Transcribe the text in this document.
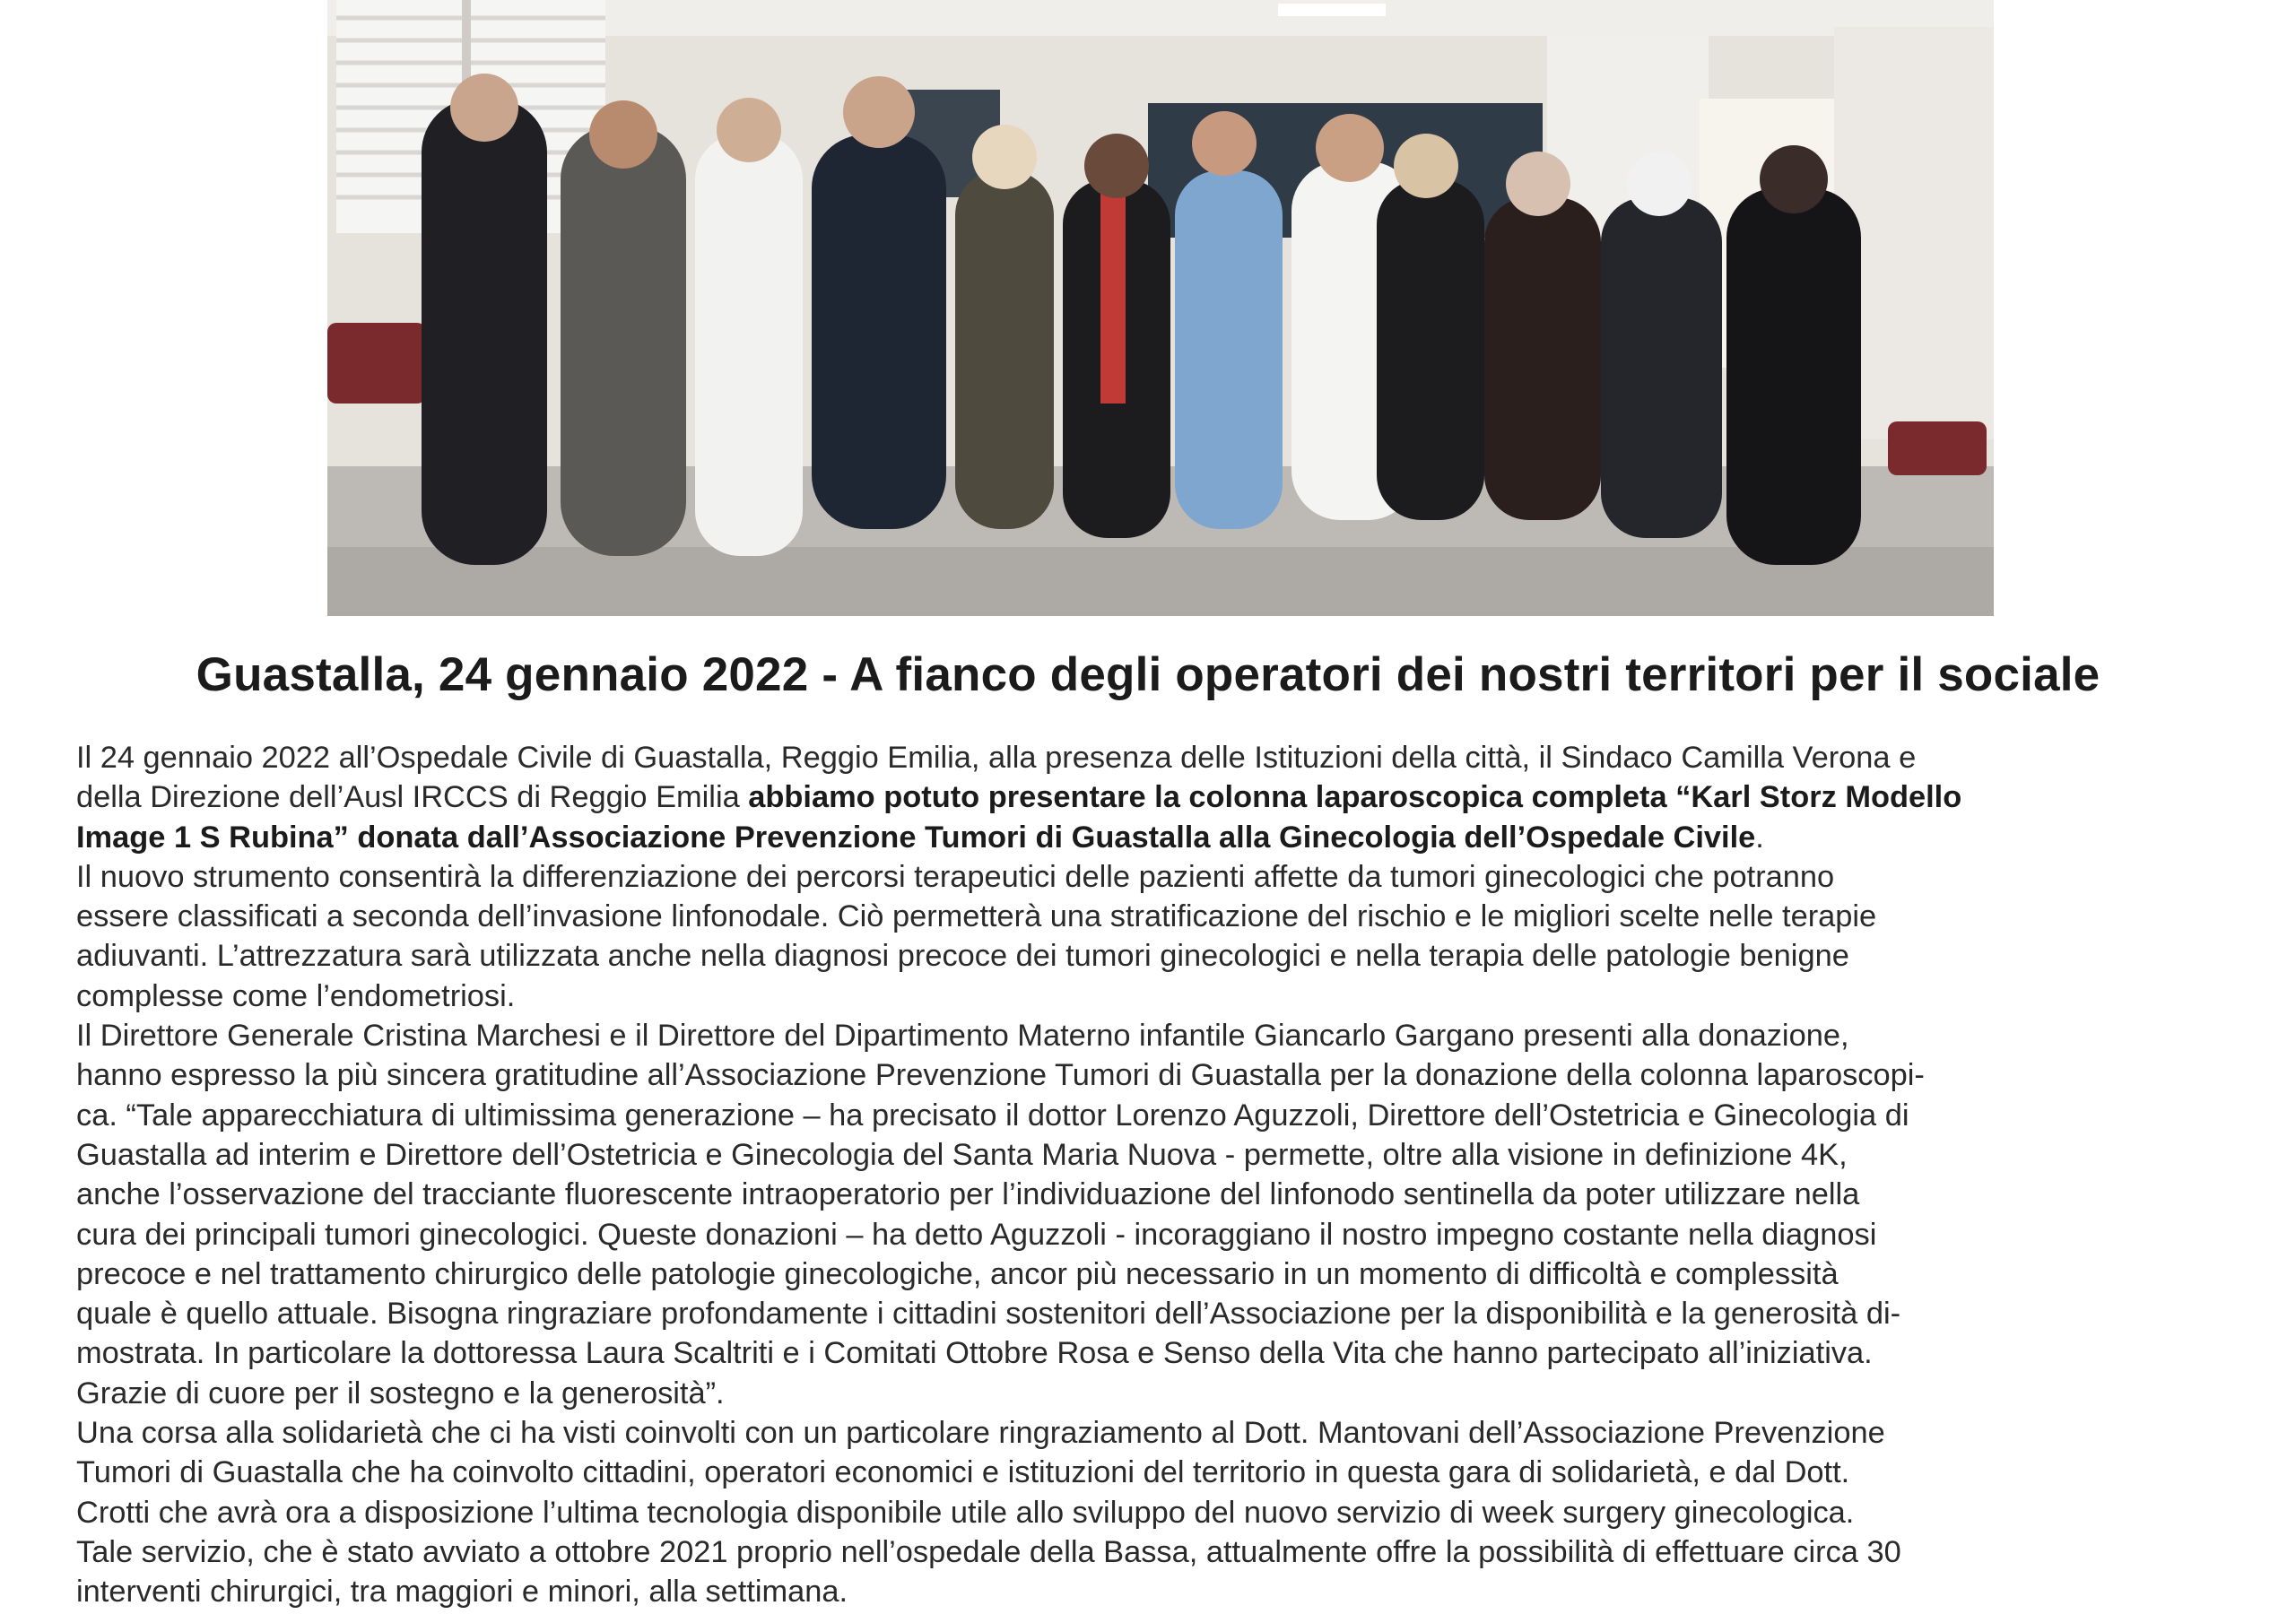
Guastalla, 24 gennaio 2022 - A fianco degli operatori dei nostri territori per il sociale

Il 24 gennaio 2022 all’Ospedale Civile di Guastalla, Reggio Emilia, alla presenza delle Istituzioni della città, il Sindaco Camilla Verona e
della Direzione dell’Ausl IRCCS di Reggio Emilia abbiamo potuto presentare la colonna laparoscopica completa “Karl Storz Modello
Image 1 S Rubina” donata dall’Associazione Prevenzione Tumori di Guastalla alla Ginecologia dell’Ospedale Civile.

Il nuovo strumento consentirà la differenziazione dei percorsi terapeutici delle pazienti affette da tumori ginecologici che potranno
essere classificati a seconda dell’invasione linfonodale. Ciò permetterà una stratificazione del rischio e le migliori scelte nelle terapie
adiuvanti. L’attrezzatura sarà utilizzata anche nella diagnosi precoce dei tumori ginecologici e nella terapia delle patologie benigne
complesse come l’endometriosi.

Il Direttore Generale Cristina Marchesi e il Direttore del Dipartimento Materno infantile Giancarlo Gargano presenti alla donazione,
hanno espresso la più sincera gratitudine all’Associazione Prevenzione Tumori di Guastalla per la donazione della colonna laparoscopi-
ca. “Tale apparecchiatura di ultimissima generazione – ha precisato il dottor Lorenzo Aguzzoli, Direttore dell’Ostetricia e Ginecologia di
Guastalla ad interim e Direttore dell’Ostetricia e Ginecologia del Santa Maria Nuova - permette, oltre alla visione in definizione 4K,
anche l’osservazione del tracciante fluorescente intraoperatorio per l’individuazione del linfonodo sentinella da poter utilizzare nella
cura dei principali tumori ginecologici. Queste donazioni – ha detto Aguzzoli - incoraggiano il nostro impegno costante nella diagnosi
precoce e nel trattamento chirurgico delle patologie ginecologiche, ancor più necessario in un momento di difficoltà e complessità
quale è quello attuale. Bisogna ringraziare profondamente i cittadini sostenitori dell’Associazione per la disponibilità e la generosità di-
mostrata. In particolare la dottoressa Laura Scaltriti e i Comitati Ottobre Rosa e Senso della Vita che hanno partecipato all’iniziativa.
Grazie di cuore per il sostegno e la generosità”.

Una corsa alla solidarietà che ci ha visti coinvolti con un particolare ringraziamento al Dott. Mantovani dell’Associazione Prevenzione
Tumori di Guastalla che ha coinvolto cittadini, operatori economici e istituzioni del territorio in questa gara di solidarietà, e dal Dott.
Crotti che avrà ora a disposizione l’ultima tecnologia disponibile utile allo sviluppo del nuovo servizio di week surgery ginecologica.
Tale servizio, che è stato avviato a ottobre 2021 proprio nell’ospedale della Bassa, attualmente offre la possibilità di effettuare circa 30
interventi chirurgici, tra maggiori e minori, alla settimana.
